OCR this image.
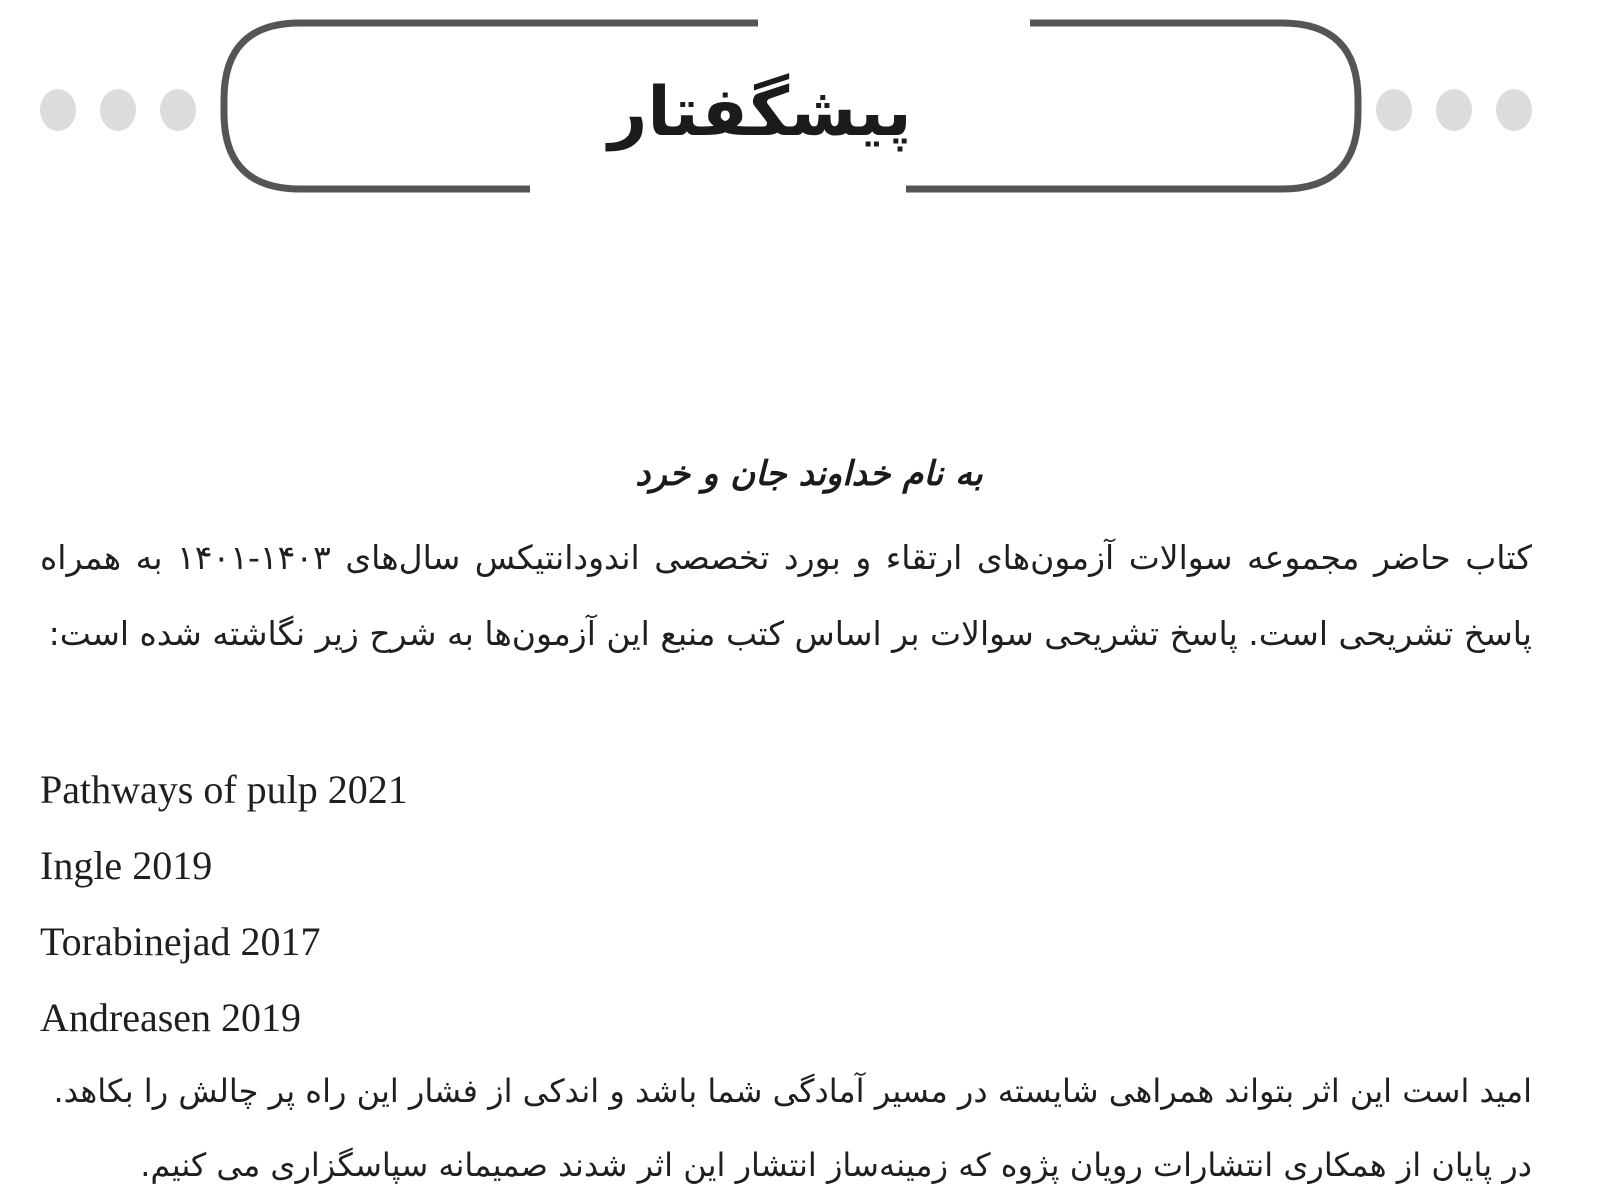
پیشگفتار
به نام خداوند جان و خرد

کتاب حاضر مجموعه سوالات آزمون‌های ارتقاء و بورد تخصصی اندودانتیکس سال‌های ۱۴۰۳-۱۴۰۱ به همراه پاسخ تشریحی است. پاسخ تشریحی سوالات بر اساس کتب منبع این آزمون‌ها به شرح زیر نگاشته شده است:

Pathways of pulp 2021
Ingle 2019
Torabinejad 2017
Andreasen 2019

امید است این اثر بتواند همراهی شایسته در مسیر آمادگی شما باشد و اندکی از فشار این راه پر چالش را بکاهد.

در پایان از همکاری انتشارات رویان پژوه که زمینه‌ساز انتشار این اثر شدند صمیمانه سپاسگزاری می کنیم.
